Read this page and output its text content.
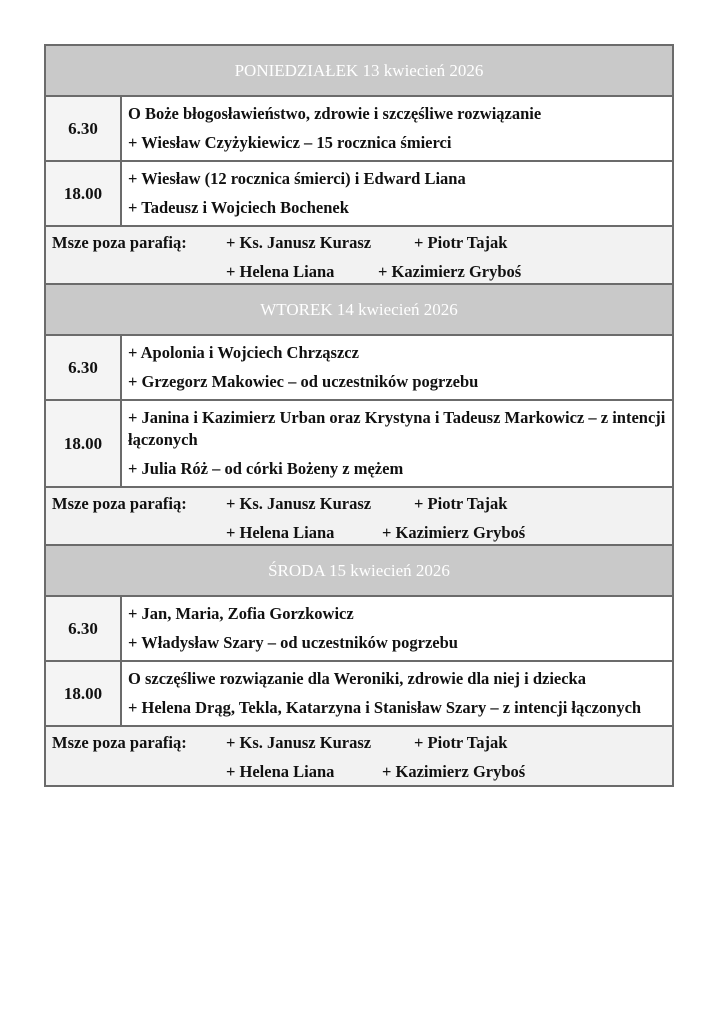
PONIEDZIAŁEK 13 kwiecień 2026
6.30
O Boże błogosławieństwo, zdrowie i szczęśliwe rozwiązanie
+ Wiesław Czyżykiewicz – 15 rocznica śmierci
18.00
+ Wiesław (12 rocznica śmierci) i Edward Liana
+ Tadeusz i Wojciech Bochenek
Msze poza parafią: + Ks. Janusz Kurasz	+ Piotr Tajak
+ Helena Liana	+ Kazimierz Gryboś
WTOREK 14 kwiecień 2026
6.30
+ Apolonia i Wojciech Chrząszcz
+ Grzegorz Makowiec – od uczestników pogrzebu
18.00
+ Janina i Kazimierz Urban oraz Krystyna i Tadeusz Markowicz – z intencji łączonych
+ Julia Róż – od córki Bożeny z mężem
Msze poza parafią: + Ks. Janusz Kurasz	+ Piotr Tajak
+ Helena Liana	+ Kazimierz Gryboś
ŚRODA 15 kwiecień 2026
6.30
+ Jan, Maria, Zofia Gorzkowicz
+ Władysław Szary – od uczestników pogrzebu
18.00
O szczęśliwe rozwiązanie dla Weroniki, zdrowie dla niej i dziecka
+ Helena Drąg, Tekla, Katarzyna i Stanisław Szary – z intencji łączonych
Msze poza parafią: + Ks. Janusz Kurasz	+ Piotr Tajak
+ Helena Liana	+ Kazimierz Gryboś
